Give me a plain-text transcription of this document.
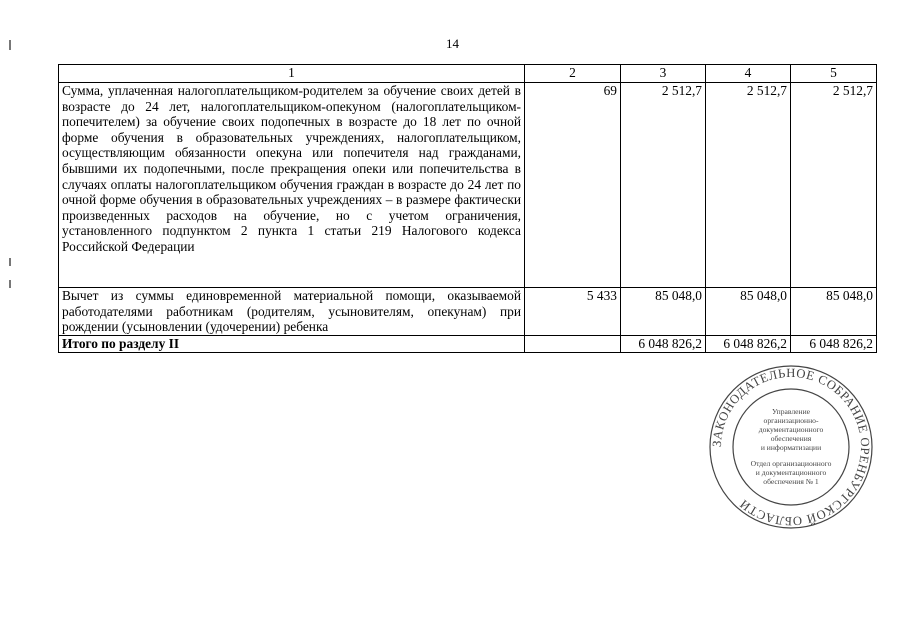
14
1	2	3	4	5
Сумма, уплаченная налогоплательщиком-родителем за обучение своих детей в возрасте до 24 лет, налогоплательщиком-опекуном (налогоплательщиком-попечителем) за обучение своих подопечных в возрасте до 18 лет по очной форме обучения в образовательных учреждениях, налогоплательщиком, осуществляющим обязанности опекуна или попечителя над гражданами, бывшими их подопечными, после прекращения опеки или попечительства в случаях оплаты налогоплательщиком обучения граждан в возрасте до 24 лет по очной форме обучения в образовательных учреждениях – в размере фактически произведенных расходов на обучение, но с учетом ограничения, установленного подпунктом 2 пункта 1 статьи 219 Налогового кодекса Российской Федерации	69	2 512,7	2 512,7	2 512,7
Вычет из суммы единовременной материальной помощи, оказываемой работодателями работникам (родителям, усыновителям, опекунам) при рождении (усыновлении (удочерении) ребенка	5 433	85 048,0	85 048,0	85 048,0
Итого по разделу II		6 048 826,2	6 048 826,2	6 048 826,2
ЗАКОНОДАТЕЛЬНОЕ СОБРАНИЕ ОРЕНБУРГСКОЙ ОБЛАСТИ
Управление
организационно-
документационного
обеспечения
и информатизации
Отдел организационного
и документационного
обеспечения № 1
